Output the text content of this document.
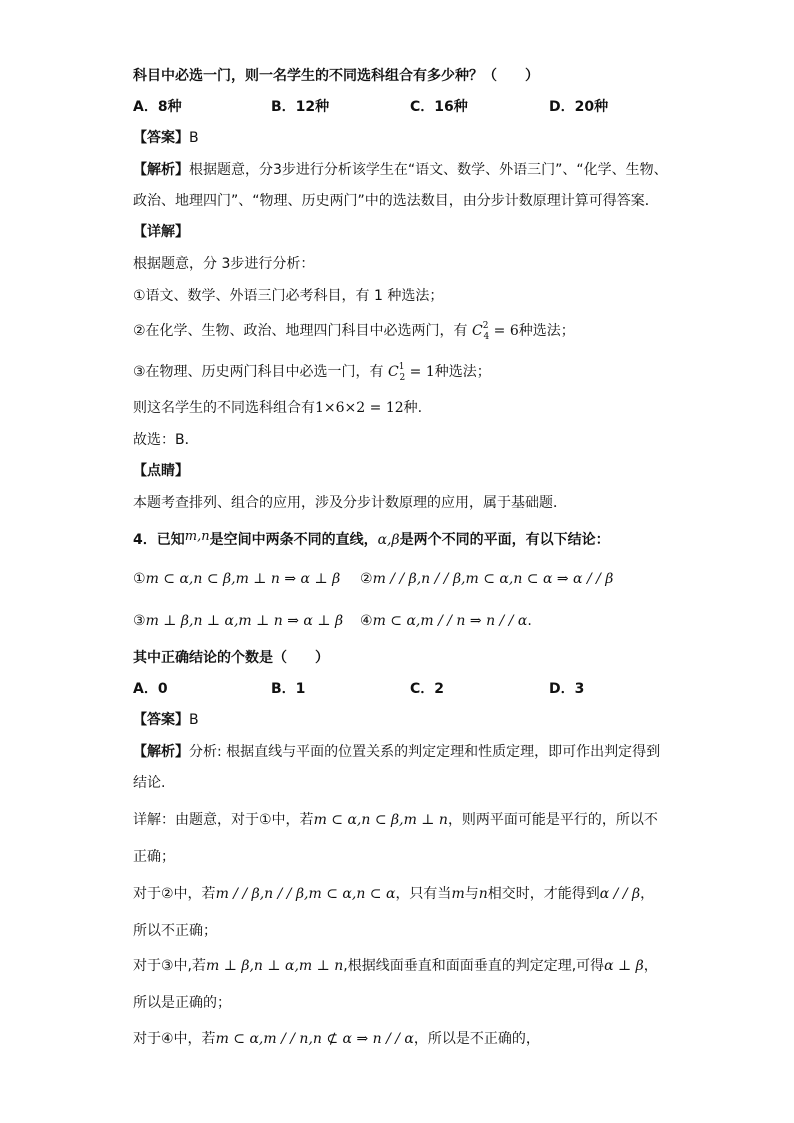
科目中必选一门，则一名学生的不同选科组合有多少种？（　　）
A．8种	B．12种	C．16种	D．20种
【答案】B
【解析】根据题意，分3步进行分析该学生在“语文、数学、外语三门”、“化学、生物、
政治、地理四门”、“物理、历史两门”中的选法数目，由分步计数原理计算可得答案．
【详解】
根据题意，分 3步进行分析：
①语文、数学、外语三门必考科目，有 1 种选法；
②在化学、生物、政治、地理四门科目中必选两门，有 $C^2_4 = 6$种选法；
③在物理、历史两门科目中必选一门，有 $C^1_2 = 1$种选法；
则这名学生的不同选科组合有1×6×2 = 12种.
故选：B．
【点睛】
本题考查排列、组合的应用，涉及分步计数原理的应用，属于基础题．
4．已知m,n是空间中两条不同的直线，α,β是两个不同的平面，有以下结论：
①m ⊂ α,n ⊂ β,m ⊥ n ⇒ α ⊥ β ②m / / β,n / / β,m ⊂ α,n ⊂ α ⇒ α / / β
③m ⊥ β,n ⊥ α,m ⊥ n ⇒ α ⊥ β ④m ⊂ α,m / / n ⇒ n / / α.
其中正确结论的个数是（　　）
A．0	B．1	C．2	D．3
【答案】B
【解析】分析: 根据直线与平面的位置关系的判定定理和性质定理，即可作出判定得到
结论.
详解：由题意，对于①中，若m ⊂ α,n ⊂ β,m ⊥ n，则两平面可能是平行的，所以不
正确；
对于②中，若m / / β,n / / β,m ⊂ α,n ⊂ α，只有当m与n相交时，才能得到α / / β，
所以不正确；
对于③中,若m ⊥ β,n ⊥ α,m ⊥ n,根据线面垂直和面面垂直的判定定理,可得α ⊥ β，
所以是正确的；
对于④中，若m ⊂ α,m / / n,n ⊄ α ⇒ n / / α，所以是不正确的，
